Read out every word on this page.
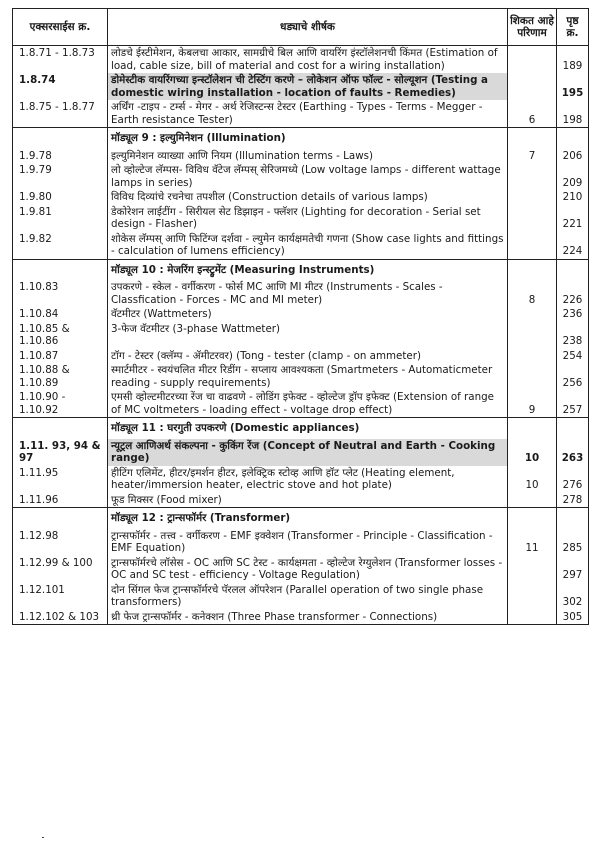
एक्सरसाईस क्र.	धड्याचे शीर्षक	शिकत आहे परिणाम	पृष्ठ क्र.
1.8.71 - 1.8.73	लोडचे ईस्टीमेशन, केबलचा आकार, सामग्रीचे बिल आणि वायरिंग इंस्टॉलेशनची किंमत (Estimation of load, cable size, bill of material and cost for a wiring installation)		189
1.8.74	डोमेस्टीक वायरिंगच्या इन्स्टॉलेशन ची टेस्टिंग करणे – लोकेशन ऑफ फॉल्ट - सोल्यूशन (Testing a domestic wiring installation - location of faults - Remedies)		195
1.8.75 - 1.8.77	अर्थिंग -टाइप - टर्म्स - मेगर - अर्थ रेजिस्टन्स टेस्टर (Earthing - Types - Terms - Megger - Earth resistance Tester)	6	198
	मॉड्यूल 9 : इल्युमिनेशन (Illumination)		
1.9.78	इल्युमिनेशन व्याख्या आणि नियम (Illumination terms - Laws)	7	206
1.9.79	लो व्होल्टेज लॅम्पस- विविध वॅटेज लॅम्पस् सेरिजमध्ये (Low voltage lamps - different wattage lamps in series)		209
1.9.80	विविध दिव्यांचे रचनेचा तपशील (Construction details of various lamps)		210
1.9.81	डेकोरेशन लाईटींग - सिरीयल सेट डिझाइन - फ्लॅशर (Lighting for decoration - Serial set design - Flasher)		221
1.9.82	शोकेस लॅम्पस् आणि फिटिंग्ज दर्शवा - ल्युमेन कार्यक्षमतेची गणना (Show case lights and fittings - calculation of lumens efficiency)		224
	मॉड्यूल 10 : मेजरिंग इन्स्ट्रुमेंट (Measuring Instruments)		
1.10.83	उपकरणे - स्केल - वर्गीकरण - फोर्स MC आणि MI मीटर (Instruments - Scales - Classfication - Forces - MC and MI meter)	8	226
1.10.84	वॅटमीटर (Wattmeters)		236
1.10.85 & 1.10.86	3-फेज वॅटमीटर (3-phase Wattmeter)		238
1.10.87	टॉग - टेस्टर (क्लॅम्प - ॲमीटरवर) (Tong - tester (clamp - on ammeter)		254
1.10.88 & 1.10.89	स्मार्टमीटर - स्वयंचलित मीटर रिडींग - सप्लाय आवश्यकता (Smartmeters - Automaticmeter reading - supply requirements)		256
1.10.90 - 1.10.92	एमसी व्होल्टमीटरच्या रेंज चा वाढवणे - लोडिंग इफेक्ट - व्होल्टेज ड्रॉप इफेक्ट (Extension of range of MC voltmeters - loading effect - voltage drop effect)	9	257
	मॉड्यूल 11 : घरगुती उपकरणे (Domestic appliances)		
1.11. 93, 94 & 97	न्यूट्रल आणिअर्थ संकल्पना - कुकिंग रेंज (Concept of Neutral and Earth - Cooking range)	10	263
1.11.95	हीटिंग एलिमेंट, हीटर/इमर्शन हीटर, इलेक्ट्रिक स्टोव्ह आणि हॉट प्लेट (Heating element, heater/immersion heater, electric stove and hot plate)	10	276
1.11.96	फूड मिक्सर (Food mixer)		278
	मॉड्यूल 12 : ट्रान्सफॉर्मर (Transformer)		
1.12.98	ट्रान्सफॉर्मर - तत्त्व - वर्गीकरण - EMF इक्वेशन (Transformer - Principle - Classification - EMF Equation)	11	285
1.12.99 & 100	ट्रान्सफॉर्मरचे लॉसेस - OC आणि SC टेस्ट - कार्यक्षमता - व्होल्टेज रेग्युलेशन (Transformer losses - OC and SC test - efficiency - Voltage Regulation)		297
1.12.101	दोन सिंगल फेज ट्रान्सफॉर्मरचे पॅरलल ऑपरेशन (Parallel operation of two single phase transformers)		302
1.12.102 & 103	थ्री फेज ट्रान्सफॉर्मर - कनेक्शन (Three Phase transformer - Connections)		305
